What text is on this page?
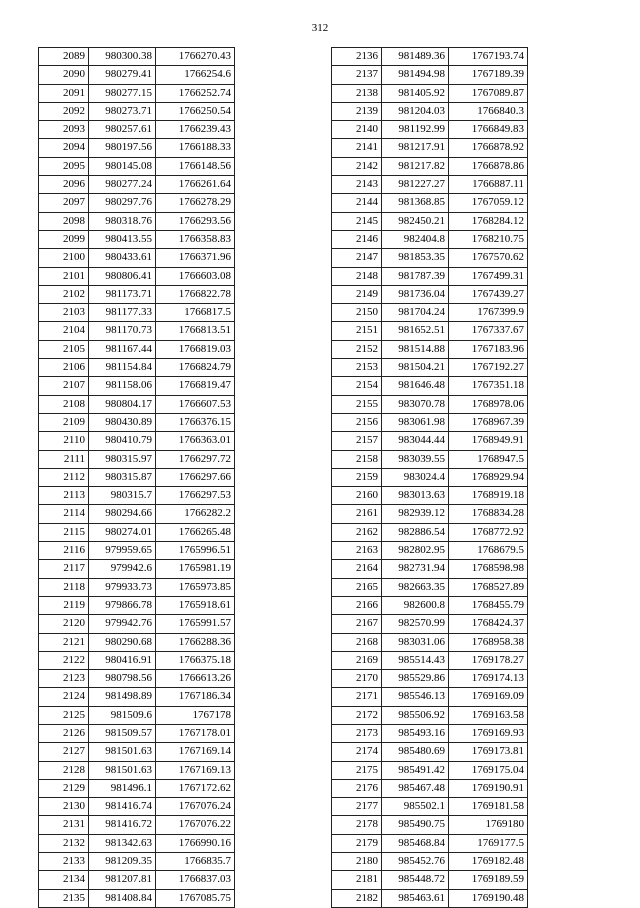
312
2089	980300.38	1766270.43
2090	980279.41	1766254.6
2091	980277.15	1766252.74
2092	980273.71	1766250.54
2093	980257.61	1766239.43
2094	980197.56	1766188.33
2095	980145.08	1766148.56
2096	980277.24	1766261.64
2097	980297.76	1766278.29
2098	980318.76	1766293.56
2099	980413.55	1766358.83
2100	980433.61	1766371.96
2101	980806.41	1766603.08
2102	981173.71	1766822.78
2103	981177.33	1766817.5
2104	981170.73	1766813.51
2105	981167.44	1766819.03
2106	981154.84	1766824.79
2107	981158.06	1766819.47
2108	980804.17	1766607.53
2109	980430.89	1766376.15
2110	980410.79	1766363.01
2111	980315.97	1766297.72
2112	980315.87	1766297.66
2113	980315.7	1766297.53
2114	980294.66	1766282.2
2115	980274.01	1766265.48
2116	979959.65	1765996.51
2117	979942.6	1765981.19
2118	979933.73	1765973.85
2119	979866.78	1765918.61
2120	979942.76	1765991.57
2121	980290.68	1766288.36
2122	980416.91	1766375.18
2123	980798.56	1766613.26
2124	981498.89	1767186.34
2125	981509.6	1767178
2126	981509.57	1767178.01
2127	981501.63	1767169.14
2128	981501.63	1767169.13
2129	981496.1	1767172.62
2130	981416.74	1767076.24
2131	981416.72	1767076.22
2132	981342.63	1766990.16
2133	981209.35	1766835.7
2134	981207.81	1766837.03
2135	981408.84	1767085.75
2136	981489.36	1767193.74
2137	981494.98	1767189.39
2138	981405.92	1767089.87
2139	981204.03	1766840.3
2140	981192.99	1766849.83
2141	981217.91	1766878.92
2142	981217.82	1766878.86
2143	981227.27	1766887.11
2144	981368.85	1767059.12
2145	982450.21	1768284.12
2146	982404.8	1768210.75
2147	981853.35	1767570.62
2148	981787.39	1767499.31
2149	981736.04	1767439.27
2150	981704.24	1767399.9
2151	981652.51	1767337.67
2152	981514.88	1767183.96
2153	981504.21	1767192.27
2154	981646.48	1767351.18
2155	983070.78	1768978.06
2156	983061.98	1768967.39
2157	983044.44	1768949.91
2158	983039.55	1768947.5
2159	983024.4	1768929.94
2160	983013.63	1768919.18
2161	982939.12	1768834.28
2162	982886.54	1768772.92
2163	982802.95	1768679.5
2164	982731.94	1768598.98
2165	982663.35	1768527.89
2166	982600.8	1768455.79
2167	982570.99	1768424.37
2168	983031.06	1768958.38
2169	985514.43	1769178.27
2170	985529.86	1769174.13
2171	985546.13	1769169.09
2172	985506.92	1769163.58
2173	985493.16	1769169.93
2174	985480.69	1769173.81
2175	985491.42	1769175.04
2176	985467.48	1769190.91
2177	985502.1	1769181.58
2178	985490.75	1769180
2179	985468.84	1769177.5
2180	985452.76	1769182.48
2181	985448.72	1769189.59
2182	985463.61	1769190.48
